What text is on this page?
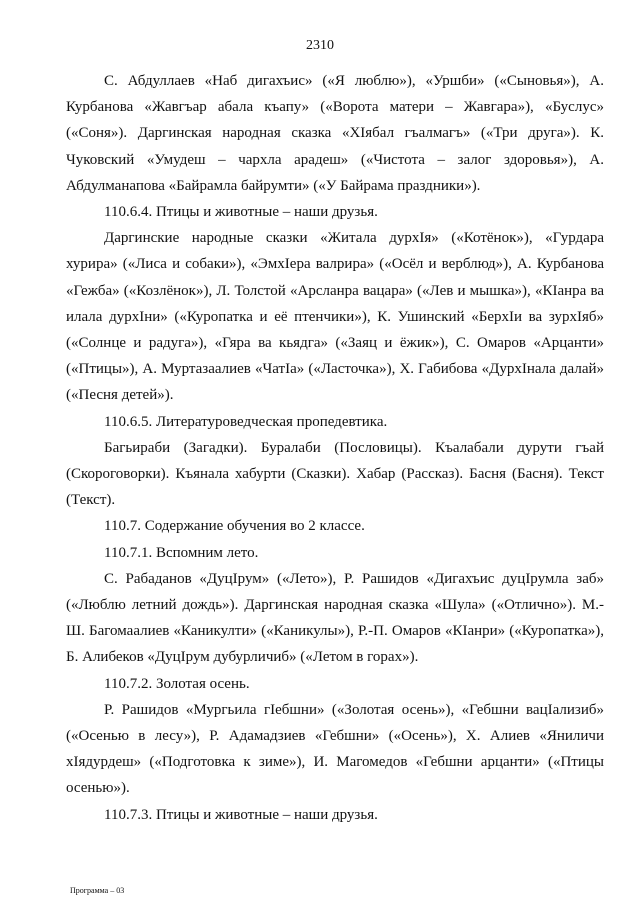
2310

С. Абдуллаев «Наб дигахъис» («Я люблю»), «Уршби» («Сыновья»), А. Курбанова «Жавгъар абала къапу» («Ворота матери – Жавгара»), «Буслус» («Соня»). Даргинская народная сказка «ХIябал гъалмагъ» («Три друга»). К. Чуковский «Умудеш – чархла арадеш» («Чистота – залог здоровья»), А. Абдулманапова «Байрамла байрумти» («У Байрама праздники»).

110.6.4. Птицы и животные – наши друзья.

Даргинские народные сказки «Житала дурхIя» («Котёнок»), «Гурдара хурира» («Лиса и собаки»), «ЭмхIера валрира» («Осёл и верблюд»), А. Курбанова «Гежба» («Козлёнок»), Л. Толстой «Арсланра вацара» («Лев и мышка»), «КIанра ва илала дурхIни» («Куропатка и её птенчики»), К. Ушинский «БерхIи ва зурхIяб» («Солнце и радуга»), «Гяра ва кьядга» («Заяц и ёжик»), С. Омаров «Арцанти» («Птицы»), А. Муртазаалиев «ЧатIа» («Ласточка»), Х. Габибова «ДурхIнала далай» («Песня детей»).

110.6.5. Литературоведческая пропедевтика.

Багьираби (Загадки). Буралаби (Пословицы). Къалабали дурути гъай (Скороговорки). Къянала хабурти (Сказки). Хабар (Рассказ). Басня (Басня). Текст (Текст).

110.7. Содержание обучения во 2 классе.

110.7.1. Вспомним лето.

С. Рабаданов «ДуцIрум» («Лето»), Р. Рашидов «Дигахъис дуцIрумла заб» («Люблю летний дождь»). Даргинская народная сказка «Шула» («Отлично»). М.-Ш. Багомаалиев «Каникулти» («Каникулы»), Р.-П. Омаров «КIанри» («Куропатка»), Б. Алибеков «ДуцIрум дубурличиб» («Летом в горах»).

110.7.2. Золотая осень.

Р. Рашидов «Мургьила гIебшни» («Золотая осень»), «Гебшни вацIализиб» («Осенью в лесу»), Р. Адамадзиев «Гебшни» («Осень»), Х. Алиев «Яниличи хIядурдеш» («Подготовка к зиме»), И. Магомедов «Гебшни арцанти» («Птицы осенью»).

110.7.3. Птицы и животные – наши друзья.

Программа – 03
